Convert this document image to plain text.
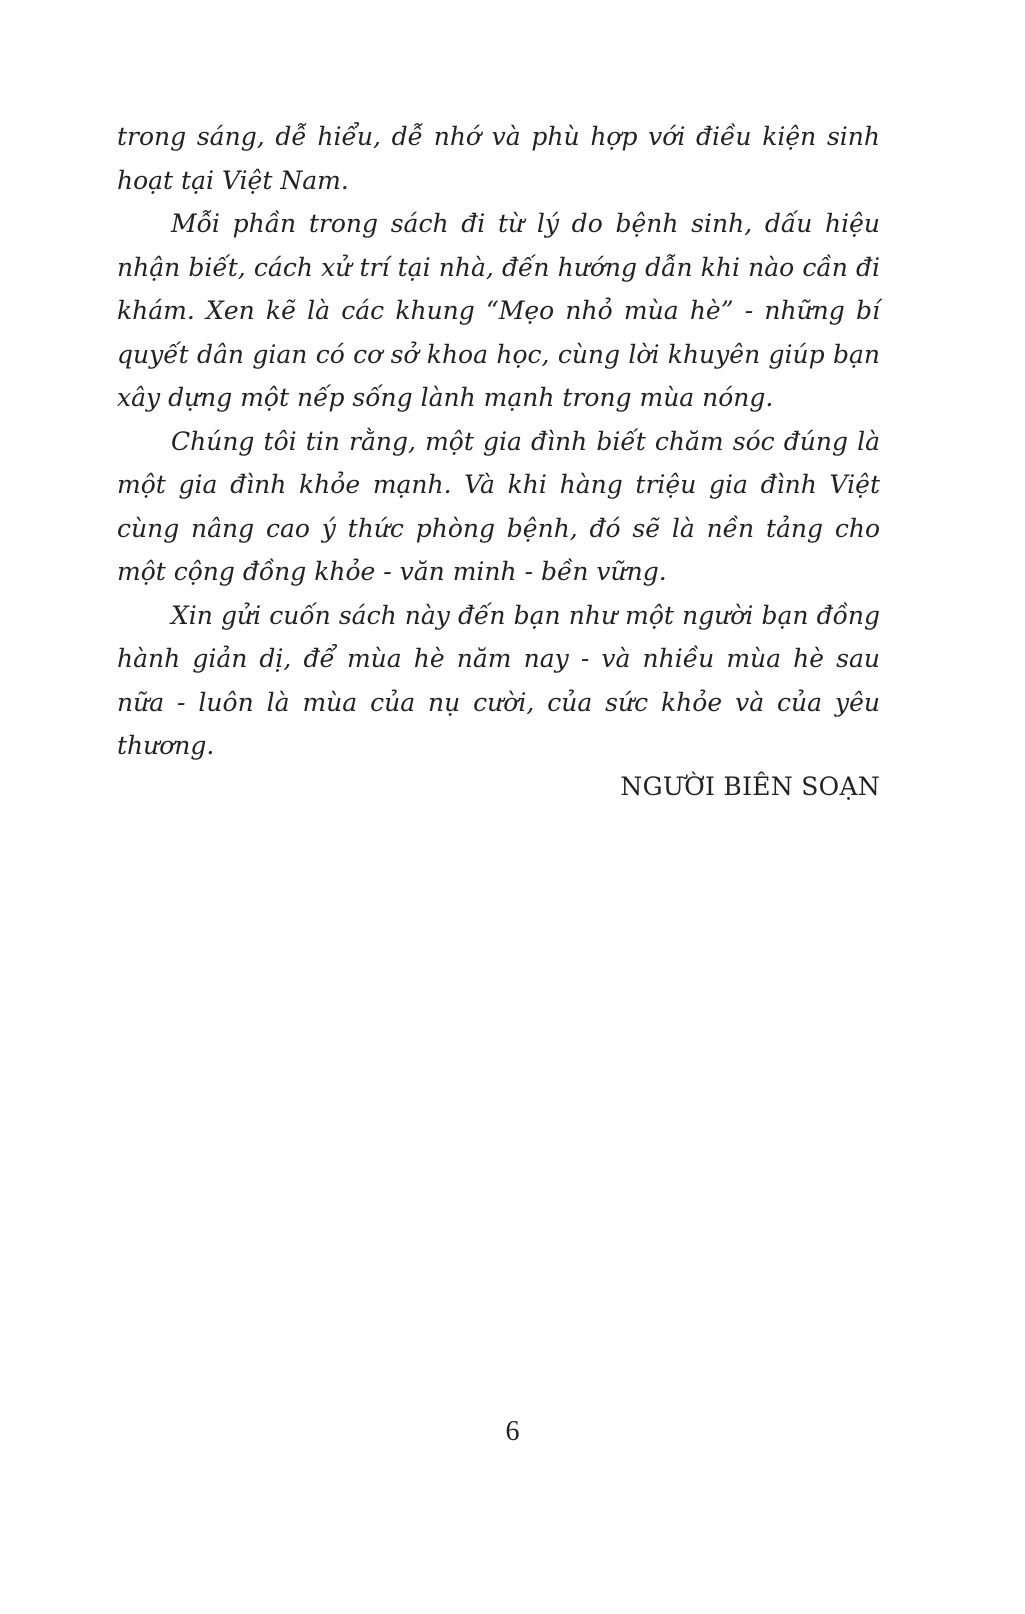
trong sáng, dễ hiểu, dễ nhớ và phù hợp với điều kiện sinh hoạt tại Việt Nam.

Mỗi phần trong sách đi từ lý do bệnh sinh, dấu hiệu nhận biết, cách xử trí tại nhà, đến hướng dẫn khi nào cần đi khám. Xen kẽ là các khung “Mẹo nhỏ mùa hè” - những bí quyết dân gian có cơ sở khoa học, cùng lời khuyên giúp bạn xây dựng một nếp sống lành mạnh trong mùa nóng.

Chúng tôi tin rằng, một gia đình biết chăm sóc đúng là một gia đình khỏe mạnh. Và khi hàng triệu gia đình Việt cùng nâng cao ý thức phòng bệnh, đó sẽ là nền tảng cho một cộng đồng khỏe - văn minh - bền vững.

Xin gửi cuốn sách này đến bạn như một người bạn đồng hành giản dị, để mùa hè năm nay - và nhiều mùa hè sau nữa - luôn là mùa của nụ cười, của sức khỏe và của yêu thương.

NGƯỜI BIÊN SOẠN
6
